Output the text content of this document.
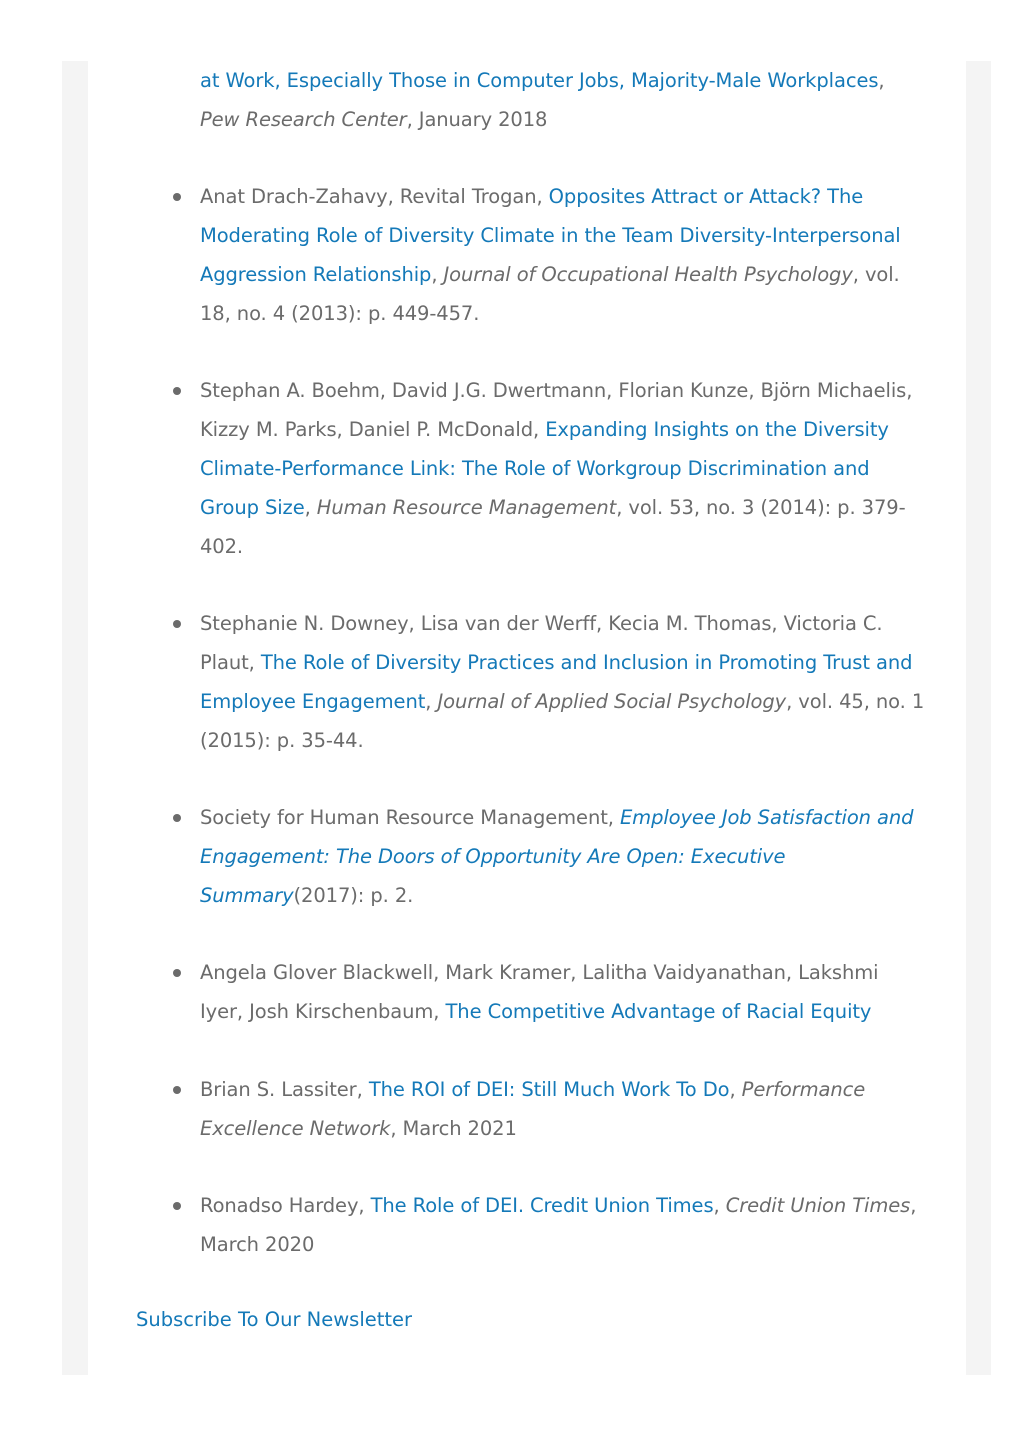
at Work, Especially Those in Computer Jobs, Majority-Male Workplaces, Pew Research Center, January 2018
Anat Drach-Zahavy, Revital Trogan, Opposites Attract or Attack? The Moderating Role of Diversity Climate in the Team Diversity-Interpersonal Aggression Relationship, Journal of Occupational Health Psychology, vol. 18, no. 4 (2013): p. 449-457.
Stephan A. Boehm, David J.G. Dwertmann, Florian Kunze, Björn Michaelis, Kizzy M. Parks, Daniel P. McDonald, Expanding Insights on the Diversity Climate-Performance Link: The Role of Workgroup Discrimination and Group Size, Human Resource Management, vol. 53, no. 3 (2014): p. 379-402.
Stephanie N. Downey, Lisa van der Werff, Kecia M. Thomas, Victoria C. Plaut, The Role of Diversity Practices and Inclusion in Promoting Trust and Employee Engagement, Journal of Applied Social Psychology, vol. 45, no. 1 (2015): p. 35-44.
Society for Human Resource Management, Employee Job Satisfaction and Engagement: The Doors of Opportunity Are Open: Executive Summary(2017): p. 2.
Angela Glover Blackwell, Mark Kramer, Lalitha Vaidyanathan, Lakshmi Iyer, Josh Kirschenbaum, The Competitive Advantage of Racial Equity
Brian S. Lassiter, The ROI of DEI: Still Much Work To Do, Performance Excellence Network, March 2021
Ronadso Hardey, The Role of DEI. Credit Union Times, Credit Union Times, March 2020
Subscribe To Our Newsletter
